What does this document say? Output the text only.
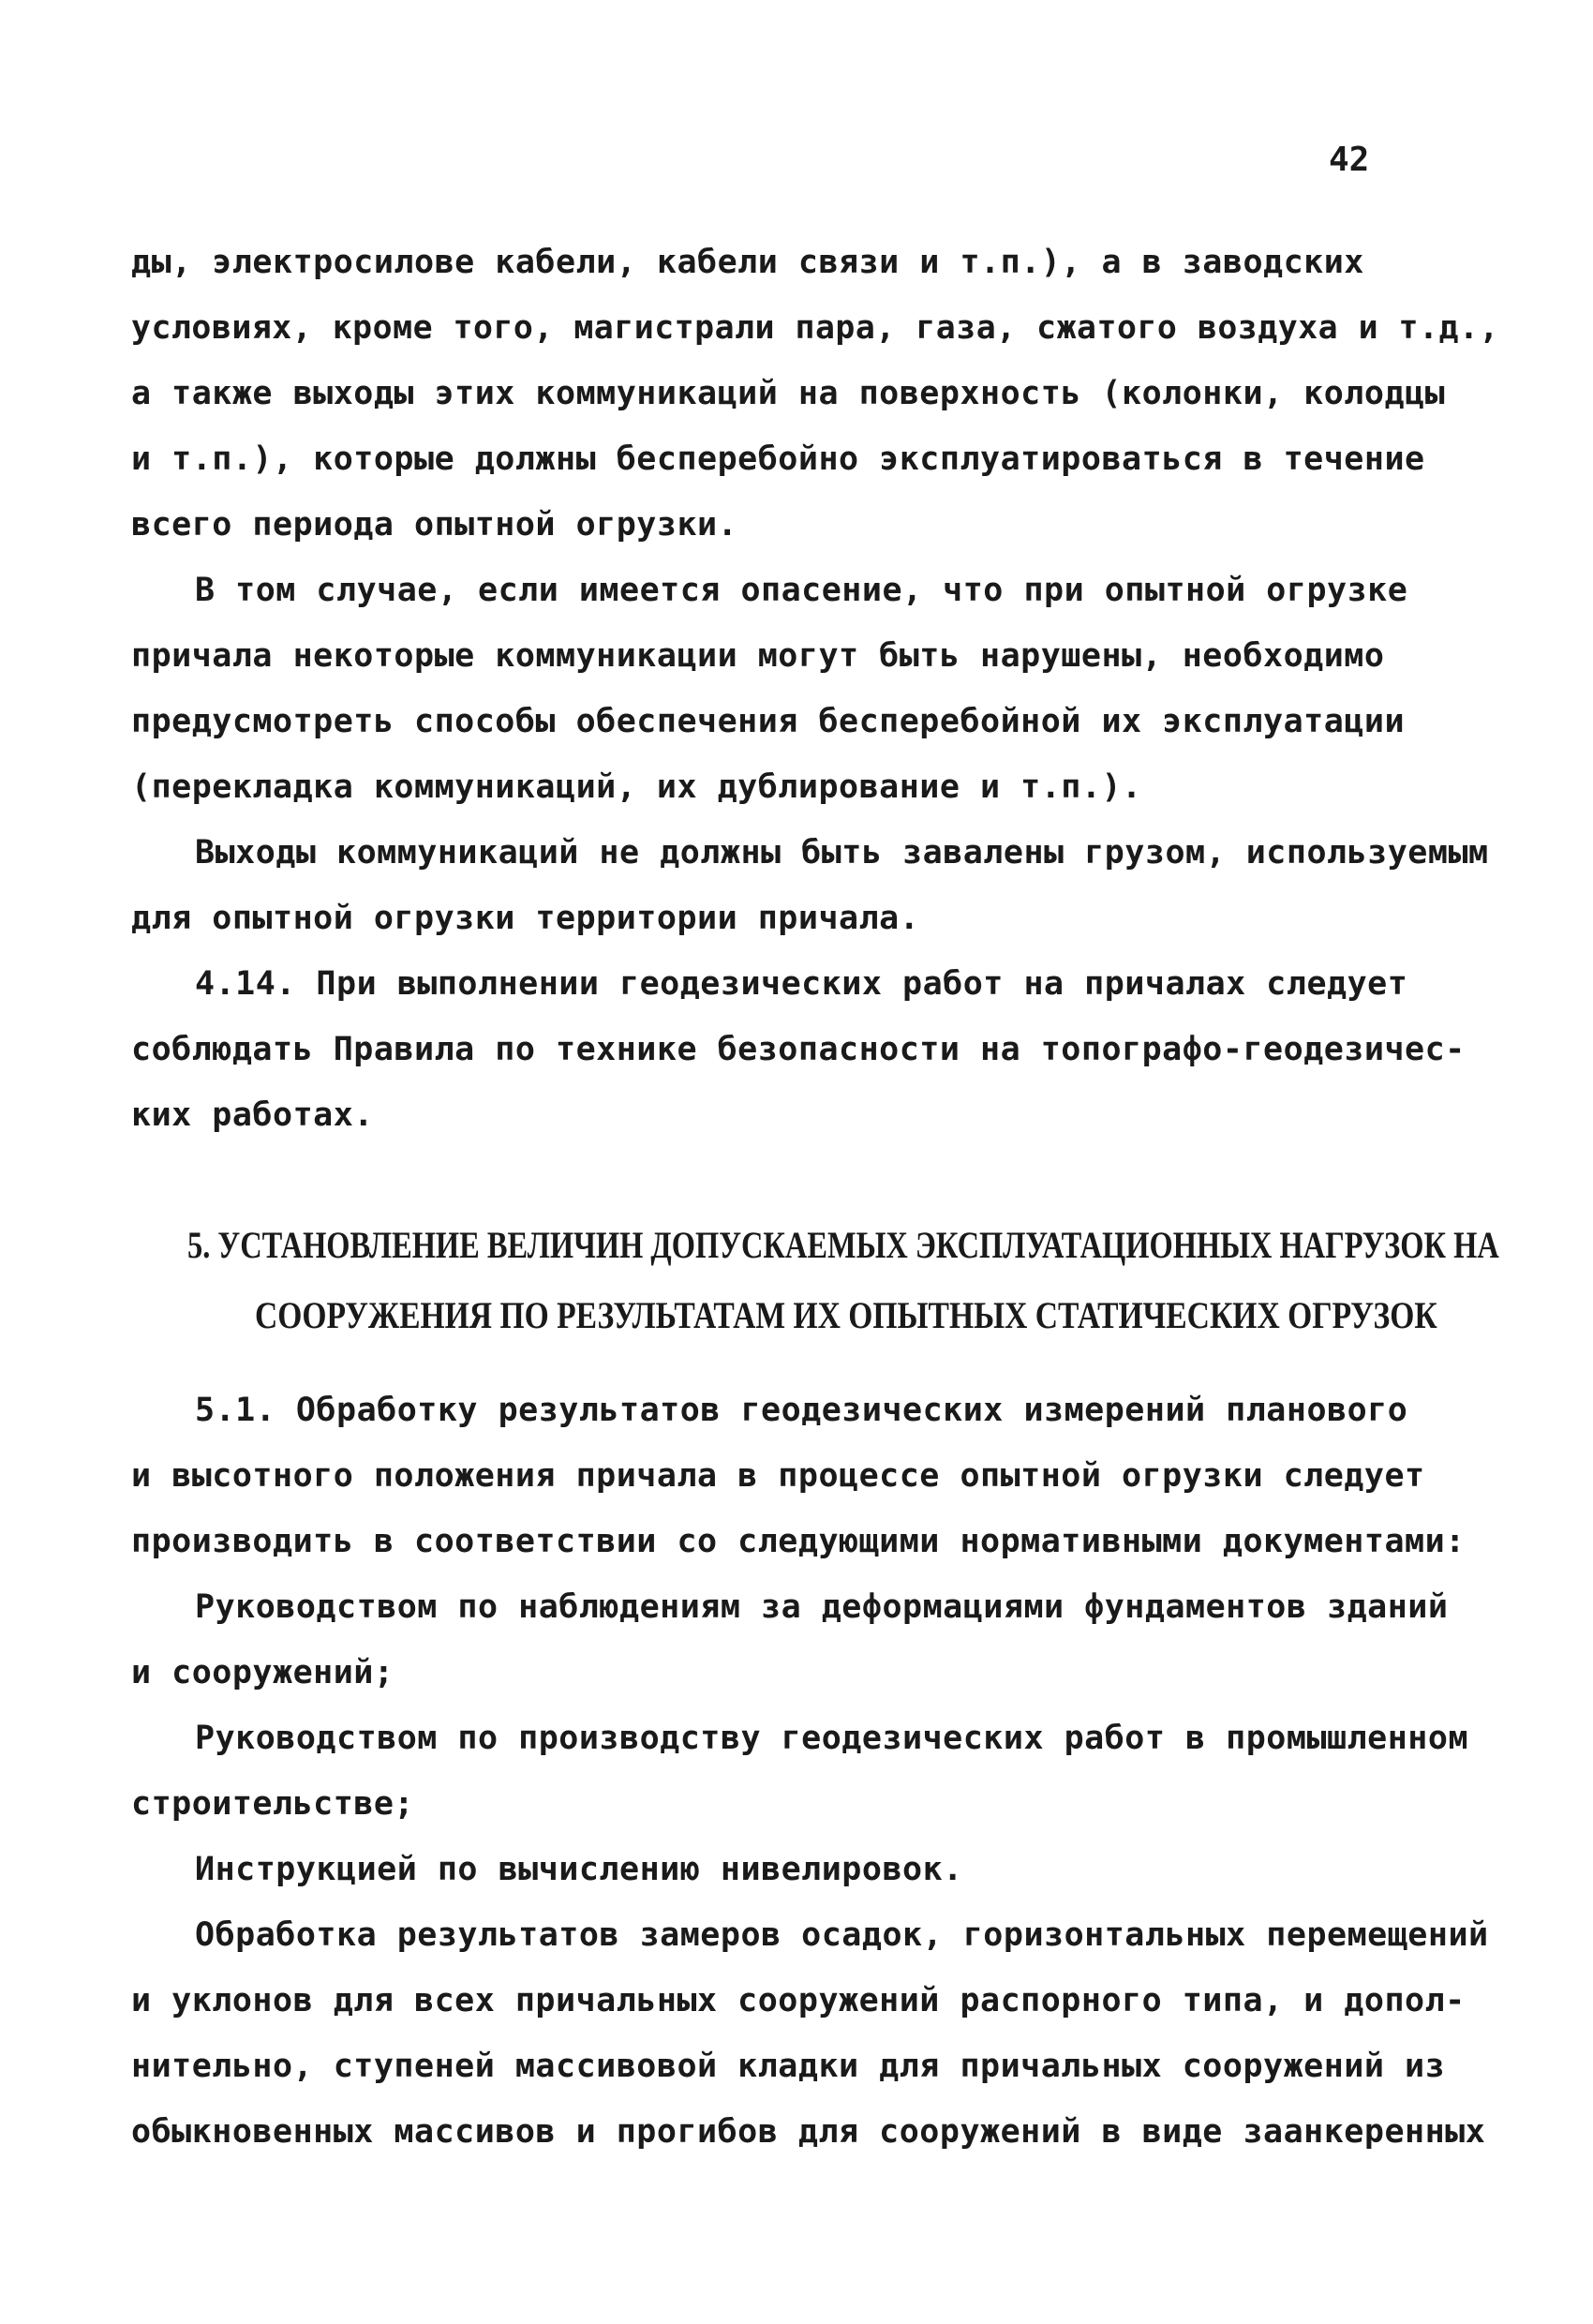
42
ды, электросилове кабели, кабели связи и т.п.), а в заводских
условиях, кроме того, магистрали пара, газа, сжатого воздуха и т.д.,
а также выходы этих коммуникаций на поверхность (колонки, колодцы
и т.п.), которые должны бесперебойно эксплуатироваться в течение
всего периода опытной огрузки.
В том случае, если имеется опасение, что при опытной огрузке
причала некоторые коммуникации могут быть нарушены, необходимо
предусмотреть способы обеспечения бесперебойной их эксплуатации
(перекладка коммуникаций, их дублирование и т.п.).
Выходы коммуникаций не должны быть завалены грузом, используемым
для опытной огрузки территории причала.
4.14. При выполнении геодезических работ на причалах следует
соблюдать Правила по технике безопасности на топографо-геодезичес-
ких работах.
5. УСТАНОВЛЕНИЕ ВЕЛИЧИН ДОПУСКАЕМЫХ ЭКСПЛУАТАЦИОННЫХ НАГРУЗОК НА
СООРУЖЕНИЯ ПО РЕЗУЛЬТАТАМ ИХ ОПЫТНЫХ СТАТИЧЕСКИХ ОГРУЗОК
5.1. Обработку результатов геодезических измерений планового
и высотного положения причала в процессе опытной огрузки следует
производить в соответствии со следующими нормативными документами:
Руководством по наблюдениям за деформациями фундаментов зданий
и сооружений;
Руководством по производству геодезических работ в промышленном
строительстве;
Инструкцией по вычислению нивелировок.
Обработка результатов замеров осадок, горизонтальных перемещений
и уклонов для всех причальных сооружений распорного типа, и допол-
нительно, ступеней массивовой кладки для причальных сооружений из
обыкновенных массивов и прогибов для сооружений в виде заанкеренных
